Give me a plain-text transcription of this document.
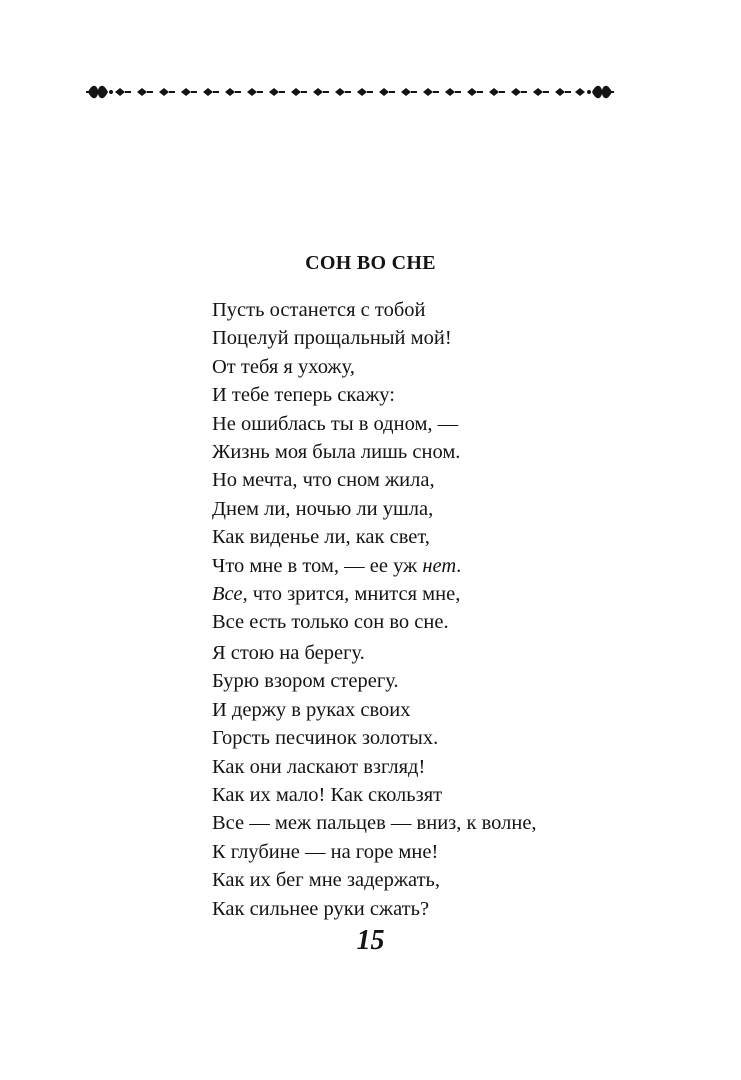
СОН ВО СНЕ
Пусть останется с тобой
Поцелуй прощальный мой!
От тебя я ухожу,
И тебе теперь скажу:
Не ошиблась ты в одном, —
Жизнь моя была лишь сном.
Но мечта, что сном жила,
Днем ли, ночью ли ушла,
Как виденье ли, как свет,
Что мне в том, — ее уж нет.
Все, что зрится, мнится мне,
Все есть только сон во сне.
Я стою на берегу.
Бурю взором стерегу.
И держу в руках своих
Горсть песчинок золотых.
Как они ласкают взгляд!
Как их мало! Как скользят
Все — меж пальцев — вниз, к волне,
К глубине — на горе мне!
Как их бег мне задержать,
Как сильнее руки сжать?
15
